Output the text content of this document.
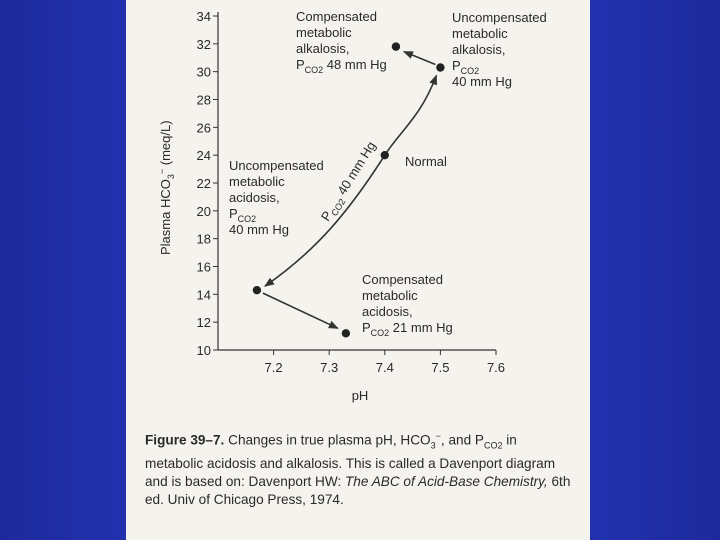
pH
Plasma $HCO_3^-$ (meq/L)
10
12
14
16
18
20
22
24
26
28
30
32
34
7.2	7.3	7.4	7.5	7.6
$P_{CO2}$ 40 mm Hg
Compensated
metabolic
alkalosis,
$P_{CO2}$ 48 mm Hg
Uncompensated
metabolic
alkalosis,
$P_{CO2}$
40 mm Hg
Normal
Uncompensated
metabolic
acidosis,
$P_{CO2}$
40 mm Hg
Compensated
metabolic
acidosis,
$P_{CO2}$ 21 mm Hg
Figure 39–7. Changes in true plasma pH, $HCO_3^-$, and $P_{CO2}$ in metabolic acidosis and alkalosis. This is called a Davenport diagram and is based on: Davenport HW: The ABC of Acid-Base Chemistry, 6th ed. Univ of Chicago Press, 1974.
